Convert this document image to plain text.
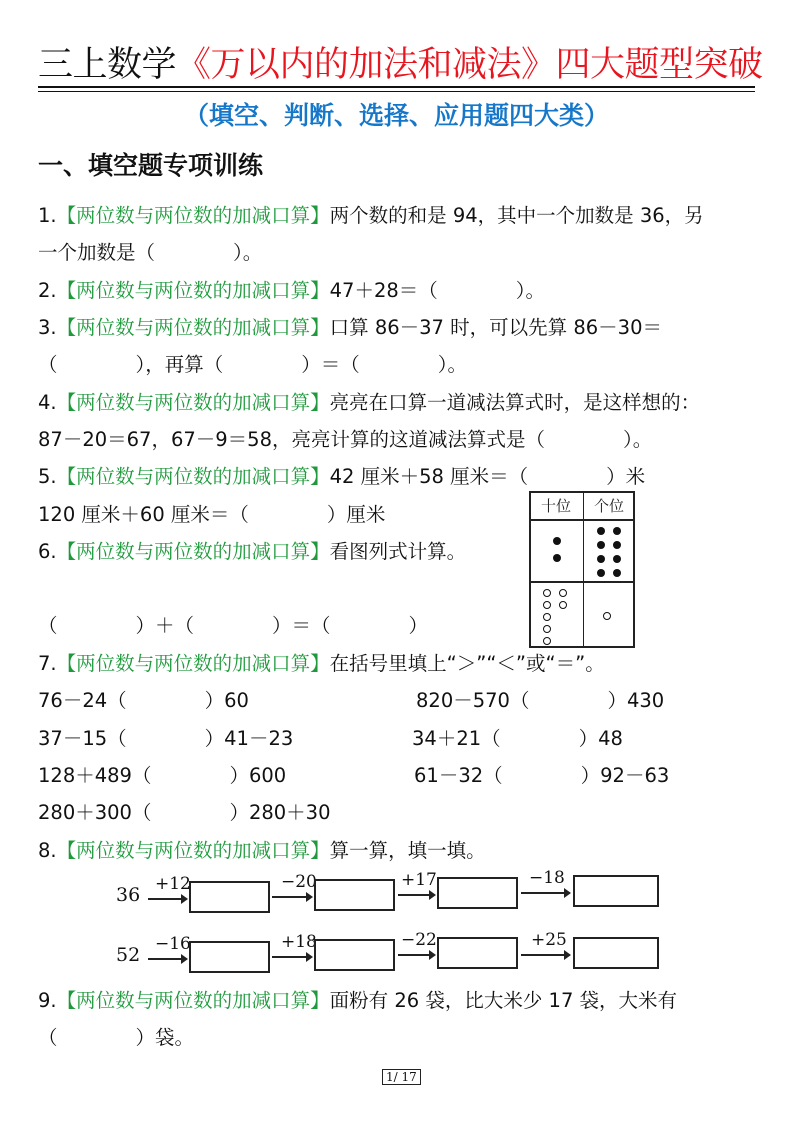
三上数学《万以内的加法和减法》四大题型突破
（填空、判断、选择、应用题四大类）
一、填空题专项训练
1.【两位数与两位数的加减口算】两个数的和是 94，其中一个加数是 36，另
一个加数是（　　　　）。
2.【两位数与两位数的加减口算】47＋28＝（　　　　）。
3.【两位数与两位数的加减口算】口算 86－37 时，可以先算 86－30＝
（　　　　），再算（　　　　）＝（　　　　）。
4.【两位数与两位数的加减口算】亮亮在口算一道减法算式时，是这样想的：
87－20＝67，67－9＝58，亮亮计算的这道减法算式是（　　　　）。
5.【两位数与两位数的加减口算】42 厘米＋58 厘米＝（　　　　）米
120 厘米＋60 厘米＝（　　　　）厘米
6.【两位数与两位数的加减口算】看图列式计算。
（　　　　）＋（　　　　）＝（　　　　）
十位	个位
7.【两位数与两位数的加减口算】在括号里填上“＞”“＜”或“＝”。
76－24（　　　　）60	820－570（　　　　）430
37－15（　　　　）41－23	34＋21（　　　　）48
128＋489（　　　　）600	61－32（　　　　）92－63
280＋300（　　　　）280＋30
8.【两位数与两位数的加减口算】算一算，填一填。
36 +12	−20	+17	−18
52 −16	+18	−22	+25
9.【两位数与两位数的加减口算】面粉有 26 袋，比大米少 17 袋，大米有
（　　　　）袋。
1/ 17
